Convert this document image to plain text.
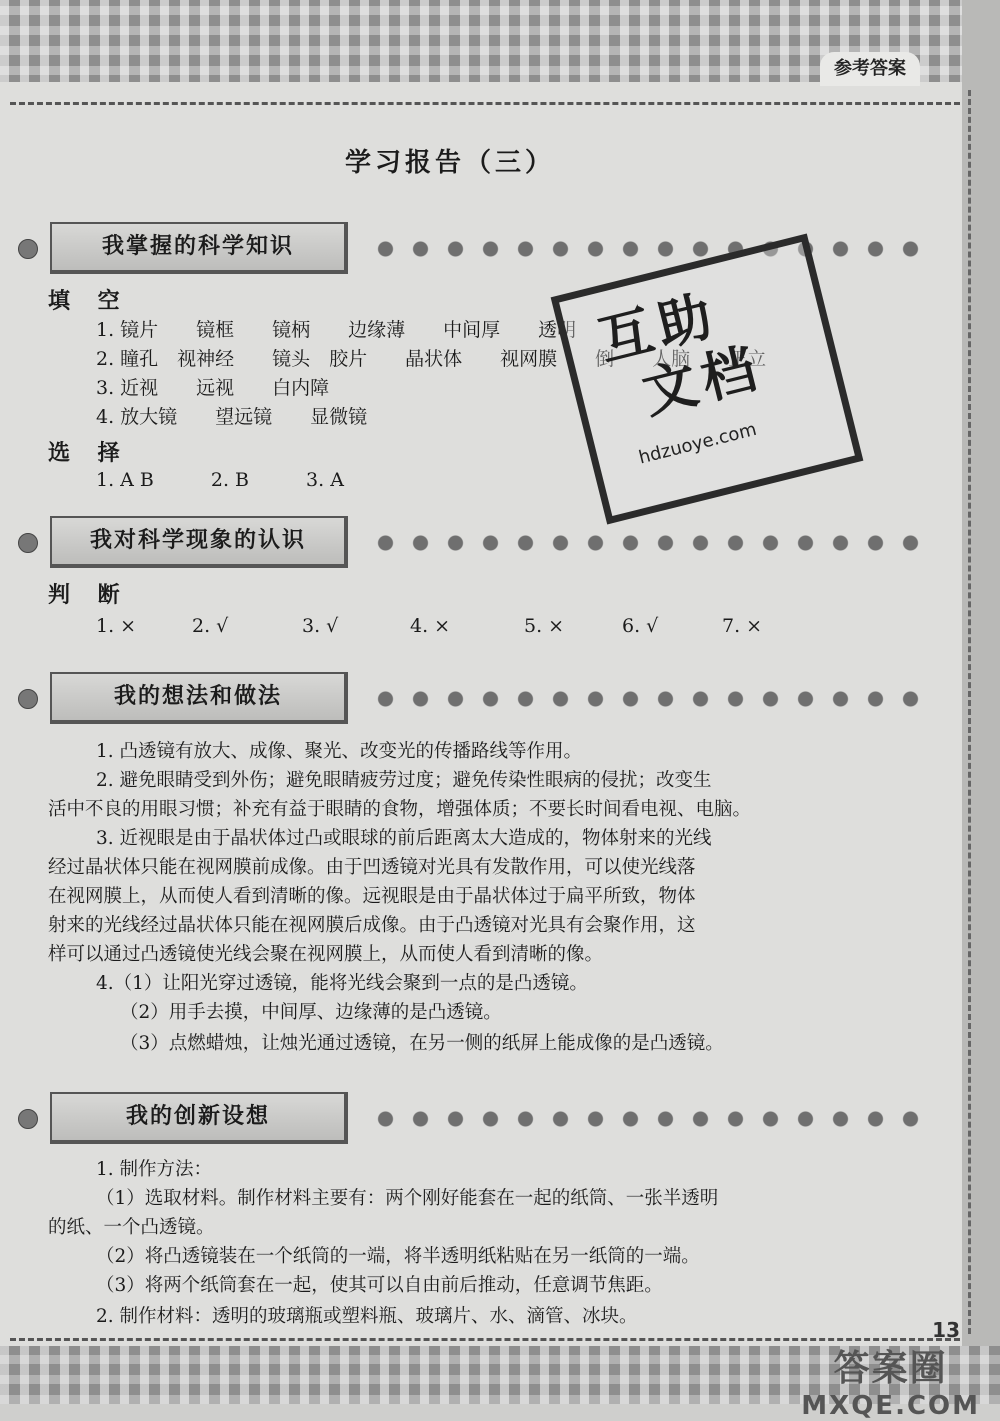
参考答案
学习报告（三）
我掌握的科学知识
填 空
1. 镜片　　镜框　　镜柄　　边缘薄　　中间厚　　透明
2. 瞳孔　视神经　　镜头　胶片　　晶状体　　视网膜　　倒　　人脑　　正立
3. 近视　　远视　　白内障
4. 放大镜　　望远镜　　显微镜
选 择
1. A B　　　2. B　　　3. A
互助
文档
hdzuoye.com
我对科学现象的认识
判 断
1. ×	2. √	3. √	4. ×	5. ×	6. √	7. ×
我的想法和做法
1. 凸透镜有放大、成像、聚光、改变光的传播路线等作用。
2. 避免眼睛受到外伤；避免眼睛疲劳过度；避免传染性眼病的侵扰；改变生
活中不良的用眼习惯；补充有益于眼睛的食物，增强体质；不要长时间看电视、电脑。
3. 近视眼是由于晶状体过凸或眼球的前后距离太大造成的，物体射来的光线
经过晶状体只能在视网膜前成像。由于凹透镜对光具有发散作用，可以使光线落
在视网膜上，从而使人看到清晰的像。远视眼是由于晶状体过于扁平所致，物体
射来的光线经过晶状体只能在视网膜后成像。由于凸透镜对光具有会聚作用，这
样可以通过凸透镜使光线会聚在视网膜上，从而使人看到清晰的像。
4.（1）让阳光穿过透镜，能将光线会聚到一点的是凸透镜。
（2）用手去摸，中间厚、边缘薄的是凸透镜。
（3）点燃蜡烛，让烛光通过透镜，在另一侧的纸屏上能成像的是凸透镜。
我的创新设想
1. 制作方法：
（1）选取材料。制作材料主要有：两个刚好能套在一起的纸筒、一张半透明
的纸、一个凸透镜。
（2）将凸透镜装在一个纸筒的一端，将半透明纸粘贴在另一纸筒的一端。
（3）将两个纸筒套在一起，使其可以自由前后推动，任意调节焦距。
2. 制作材料：透明的玻璃瓶或塑料瓶、玻璃片、水、滴管、冰块。
13
答案圈
MXQE.COM
